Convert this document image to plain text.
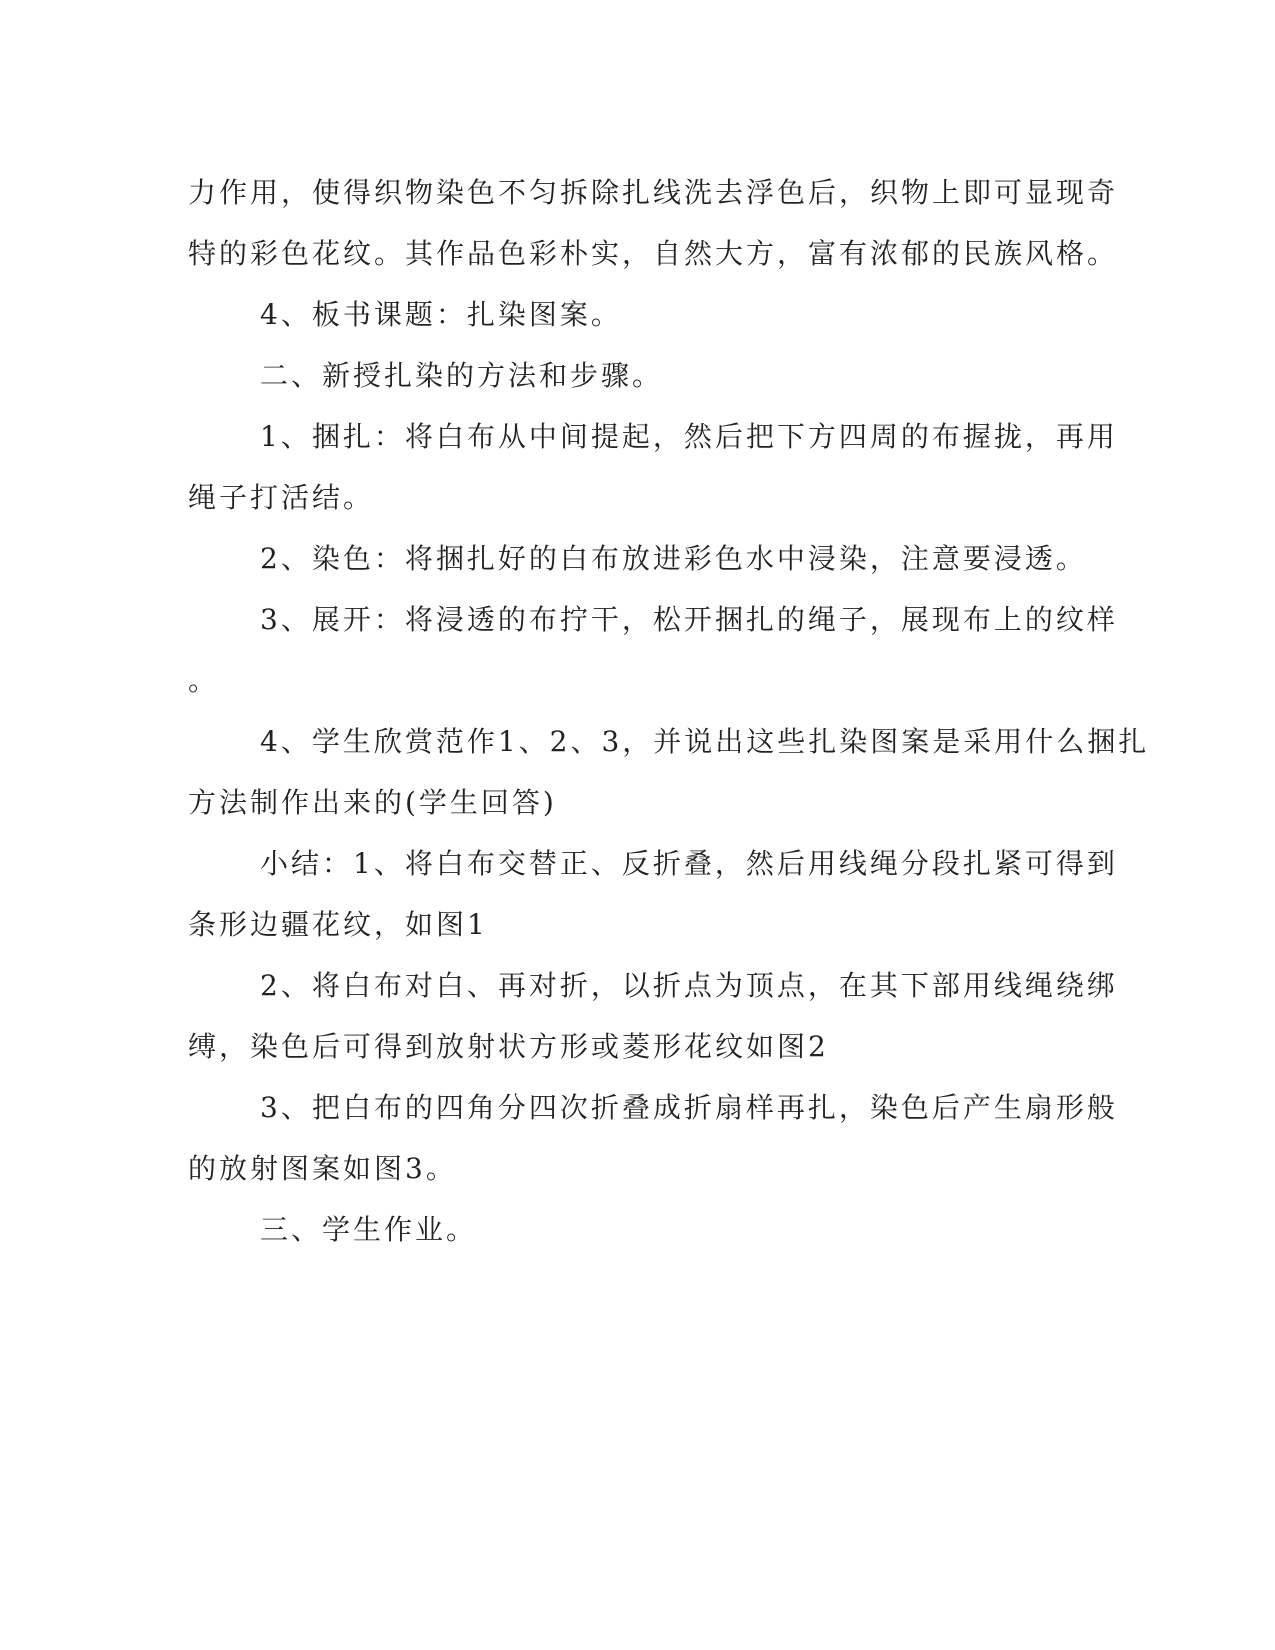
力作用，使得织物染色不匀拆除扎线洗去浮色后，织物上即可显现奇
特的彩色花纹。其作品色彩朴实，自然大方，富有浓郁的民族风格。
4、板书课题：扎染图案。
二、新授扎染的方法和步骤。
1、捆扎：将白布从中间提起，然后把下方四周的布握拢，再用
绳子打活结。
2、染色：将捆扎好的白布放进彩色水中浸染，注意要浸透。
3、展开：将浸透的布拧干，松开捆扎的绳子，展现布上的纹样
。
4、学生欣赏范作1、2、3，并说出这些扎染图案是采用什么捆扎
方法制作出来的(学生回答)
小结：1、将白布交替正、反折叠，然后用线绳分段扎紧可得到
条形边疆花纹，如图1
2、将白布对白、再对折，以折点为顶点，在其下部用线绳绕绑
缚，染色后可得到放射状方形或菱形花纹如图2
3、把白布的四角分四次折叠成折扇样再扎，染色后产生扇形般
的放射图案如图3。
三、学生作业。
